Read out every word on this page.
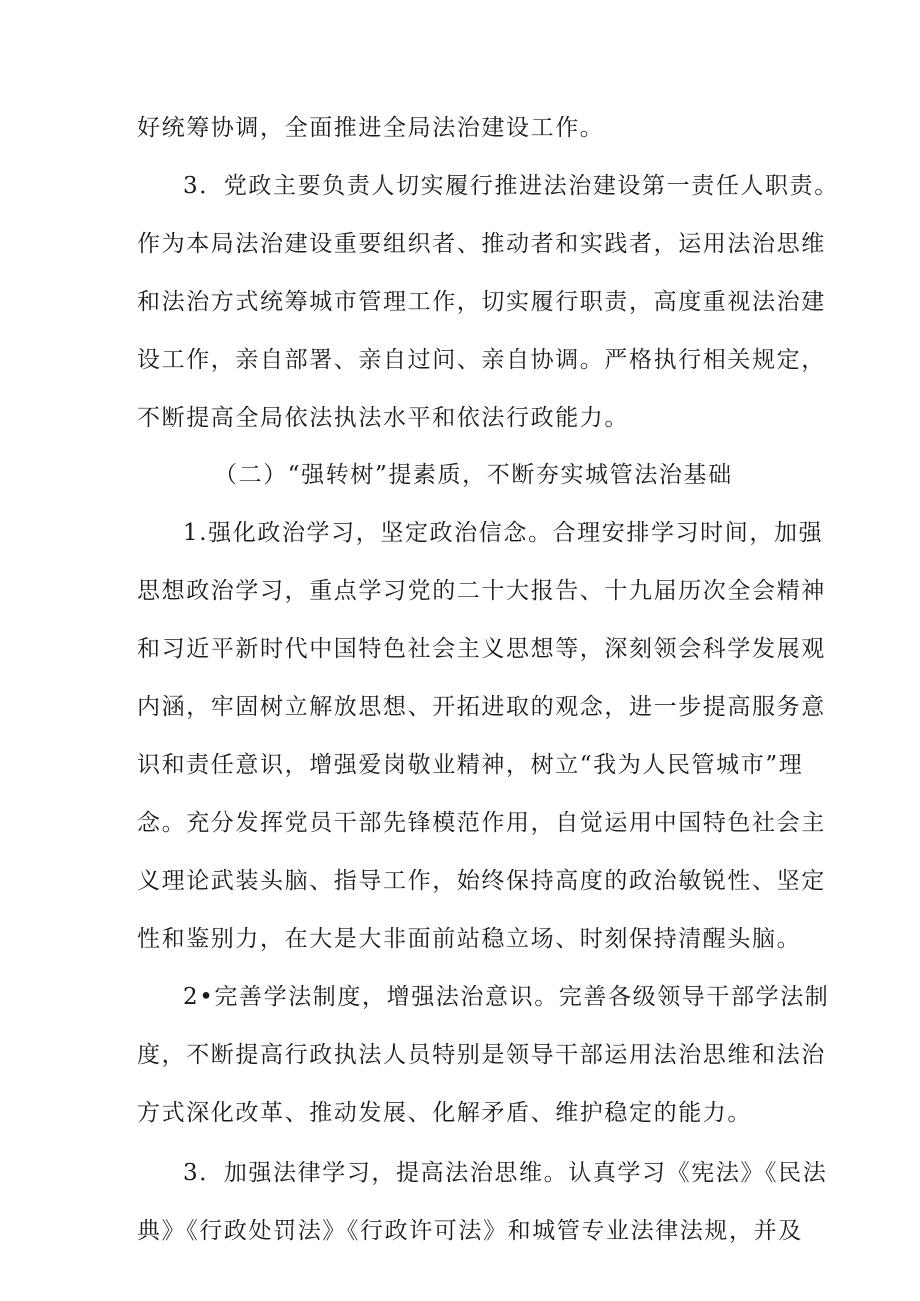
好统筹协调，全面推进全局法治建设工作。
3．党政主要负责人切实履行推进法治建设第一责任人职责。
作为本局法治建设重要组织者、推动者和实践者，运用法治思维
和法治方式统筹城市管理工作，切实履行职责，高度重视法治建
设工作，亲自部署、亲自过问、亲自协调。严格执行相关规定，
不断提高全局依法执法水平和依法行政能力。
（二）“强转树”提素质，不断夯实城管法治基础
1.强化政治学习，坚定政治信念。合理安排学习时间，加强
思想政治学习，重点学习党的二十大报告、十九届历次全会精神
和习近平新时代中国特色社会主义思想等，深刻领会科学发展观
内涵，牢固树立解放思想、开拓进取的观念，进一步提高服务意
识和责任意识，增强爱岗敬业精神，树立“我为人民管城市”理
念。充分发挥党员干部先锋模范作用，自觉运用中国特色社会主
义理论武装头脑、指导工作，始终保持高度的政治敏锐性、坚定
性和鉴别力，在大是大非面前站稳立场、时刻保持清醒头脑。
2•完善学法制度，增强法治意识。完善各级领导干部学法制
度，不断提高行政执法人员特别是领导干部运用法治思维和法治
方式深化改革、推动发展、化解矛盾、维护稳定的能力。
3．加强法律学习，提高法治思维。认真学习《宪法》《民法
典》《行政处罚法》《行政许可法》和城管专业法律法规，并及
